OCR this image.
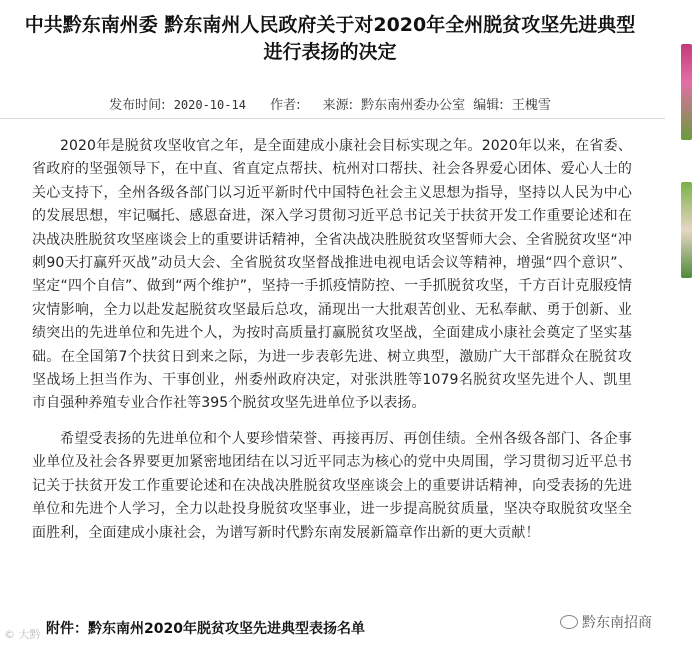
中共黔东南州委 黔东南州人民政府关于对2020年全州脱贫攻坚先进典型
进行表扬的决定
发布时间: 2020-10-14 作者: 来源: 黔东南州委办公室 编辑: 王槐雪

2020年是脱贫攻坚收官之年，是全面建成小康社会目标实现之年。2020年以来，在省委、省政府的坚强领导下，在中直、省直定点帮扶、杭州对口帮扶、社会各界爱心团体、爱心人士的关心支持下，全州各级各部门以习近平新时代中国特色社会主义思想为指导，坚持以人民为中心的发展思想，牢记嘱托、感恩奋进，深入学习贯彻习近平总书记关于扶贫开发工作重要论述和在决战决胜脱贫攻坚座谈会上的重要讲话精神，全省决战决胜脱贫攻坚誓师大会、全省脱贫攻坚“冲刺90天打赢歼灭战”动员大会、全省脱贫攻坚督战推进电视电话会议等精神，增强“四个意识”、坚定“四个自信”、做到“两个维护”，坚持一手抓疫情防控、一手抓脱贫攻坚，千方百计克服疫情灾情影响，全力以赴发起脱贫攻坚最后总攻，涌现出一大批艰苦创业、无私奉献、勇于创新、业绩突出的先进单位和先进个人，为按时高质量打赢脱贫攻坚战，全面建成小康社会奠定了坚实基础。在全国第7个扶贫日到来之际，为进一步表彰先进、树立典型，激励广大干部群众在脱贫攻坚战场上担当作为、干事创业，州委州政府决定，对张洪胜等1079名脱贫攻坚先进个人、凯里市自强种养殖专业合作社等395个脱贫攻坚先进单位予以表扬。

希望受表扬的先进单位和个人要珍惜荣誉、再接再厉、再创佳绩。全州各级各部门、各企事业单位及社会各界要更加紧密地团结在以习近平同志为核心的党中央周围，学习贯彻习近平总书记关于扶贫开发工作重要论述和在决战决胜脱贫攻坚座谈会上的重要讲话精神，向受表扬的先进单位和先进个人学习，全力以赴投身脱贫攻坚事业，进一步提高脱贫质量，坚决夺取脱贫攻坚全面胜利，全面建成小康社会，为谱写新时代黔东南发展新篇章作出新的更大贡献！

附件：黔东南州2020年脱贫攻坚先进典型表扬名单	黔东南招商
© 大黔
